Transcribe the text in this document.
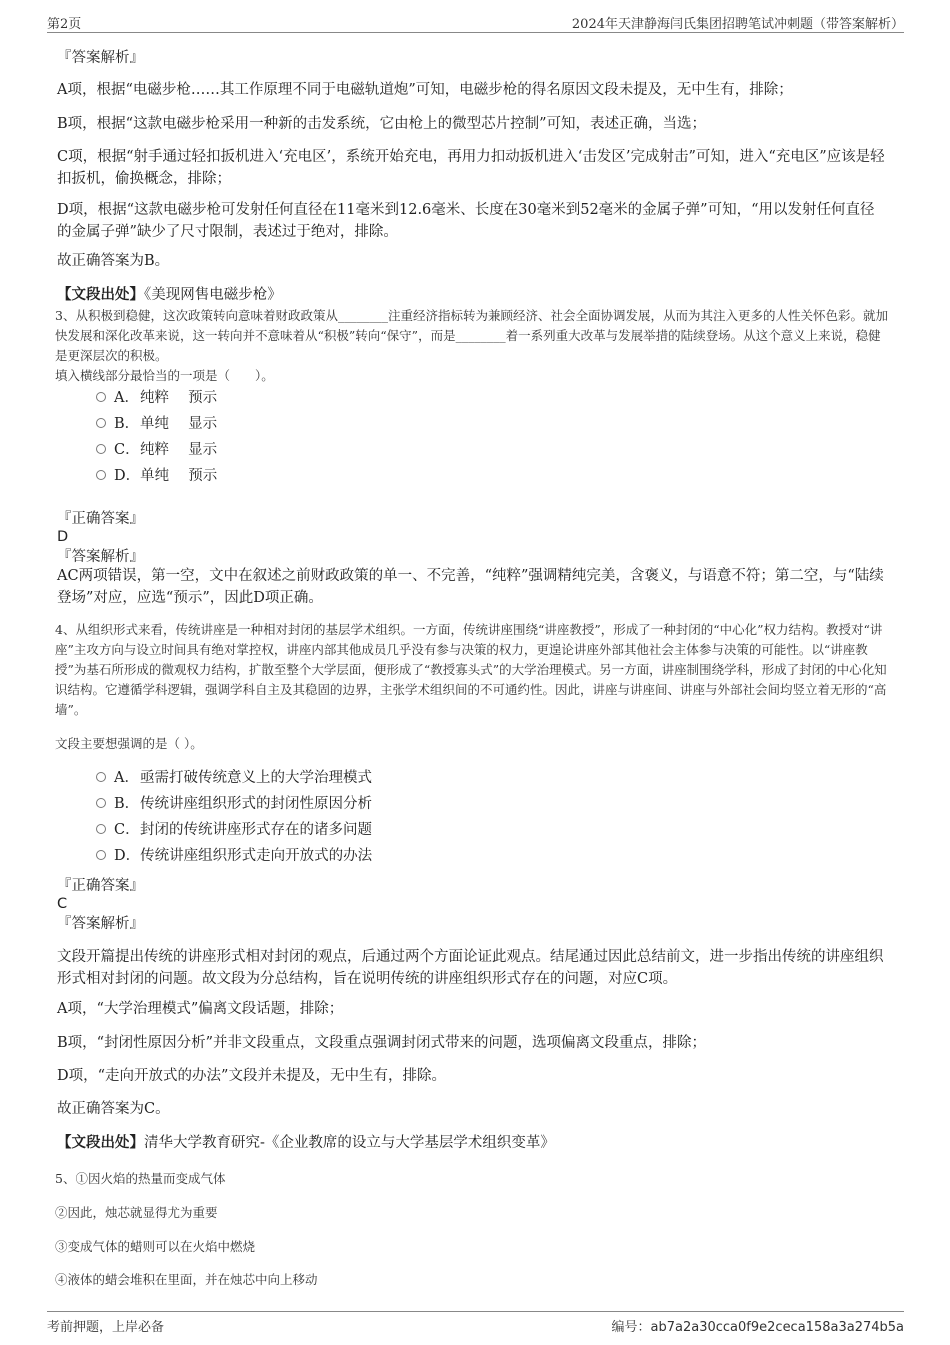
第2页	2024年天津静海闫氏集团招聘笔试冲刺题（带答案解析）
『答案解析』
A项，根据“电磁步枪……其工作原理不同于电磁轨道炮”可知，电磁步枪的得名原因文段未提及，无中生有，排除；
B项，根据“这款电磁步枪采用一种新的击发系统，它由枪上的微型芯片控制”可知，表述正确，当选；
C项，根据“射手通过轻扣扳机进入‘充电区’，系统开始充电，再用力扣动扳机进入‘击发区’完成射击”可知，进入“充电区”应该是轻扣扳机，偷换概念，排除；
D项，根据“这款电磁步枪可发射任何直径在11毫米到12.6毫米、长度在30毫米到52毫米的金属子弹”可知，“用以发射任何直径的金属子弹”缺少了尺寸限制，表述过于绝对，排除。
故正确答案为B。
【文段出处】《美现网售电磁步枪》
3、从积极到稳健，这次政策转向意味着财政政策从________注重经济指标转为兼顾经济、社会全面协调发展，从而为其注入更多的人性关怀色彩。就加快发展和深化改革来说，这一转向并不意味着从“积极”转向“保守”，而是________着一系列重大改革与发展举措的陆续登场。从这个意义上来说，稳健是更深层次的积极。
填入横线部分最恰当的一项是（　　）。
A．纯粹　 预示
B．单纯　 显示
C．纯粹　 显示
D．单纯　 预示
『正确答案』
D
『答案解析』
AC两项错误，第一空，文中在叙述之前财政政策的单一、不完善，“纯粹”强调精纯完美，含褒义，与语意不符；第二空，与“陆续登场”对应，应选“预示”，因此D项正确。
4、从组织形式来看，传统讲座是一种相对封闭的基层学术组织。一方面，传统讲座围绕“讲座教授”，形成了一种封闭的“中心化”权力结构。教授对“讲座”主攻方向与设立时间具有绝对掌控权，讲座内部其他成员几乎没有参与决策的权力，更遑论讲座外部其他社会主体参与决策的可能性。以“讲座教授”为基石所形成的微观权力结构，扩散至整个大学层面，便形成了“教授寡头式”的大学治理模式。另一方面，讲座制围绕学科，形成了封闭的中心化知识结构。它遵循学科逻辑，强调学科自主及其稳固的边界，主张学术组织间的不可通约性。因此，讲座与讲座间、讲座与外部社会间均竖立着无形的“高墙”。
文段主要想强调的是（ ）。
A．亟需打破传统意义上的大学治理模式
B．传统讲座组织形式的封闭性原因分析
C．封闭的传统讲座形式存在的诸多问题
D．传统讲座组织形式走向开放式的办法
『正确答案』
C
『答案解析』
文段开篇提出传统的讲座形式相对封闭的观点，后通过两个方面论证此观点。结尾通过因此总结前文，进一步指出传统的讲座组织形式相对封闭的问题。故文段为分总结构，旨在说明传统的讲座组织形式存在的问题，对应C项。
A项，“大学治理模式”偏离文段话题，排除；
B项，“封闭性原因分析”并非文段重点，文段重点强调封闭式带来的问题，选项偏离文段重点，排除；
D项，“走向开放式的办法”文段并未提及，无中生有，排除。
故正确答案为C。
【文段出处】清华大学教育研究-《企业教席的设立与大学基层学术组织变革》
5、①因火焰的热量而变成气体
②因此，烛芯就显得尤为重要
③变成气体的蜡则可以在火焰中燃烧
④液体的蜡会堆积在里面，并在烛芯中向上移动
考前押题，上岸必备	编号：ab7a2a30cca0f9e2ceca158a3a274b5a
